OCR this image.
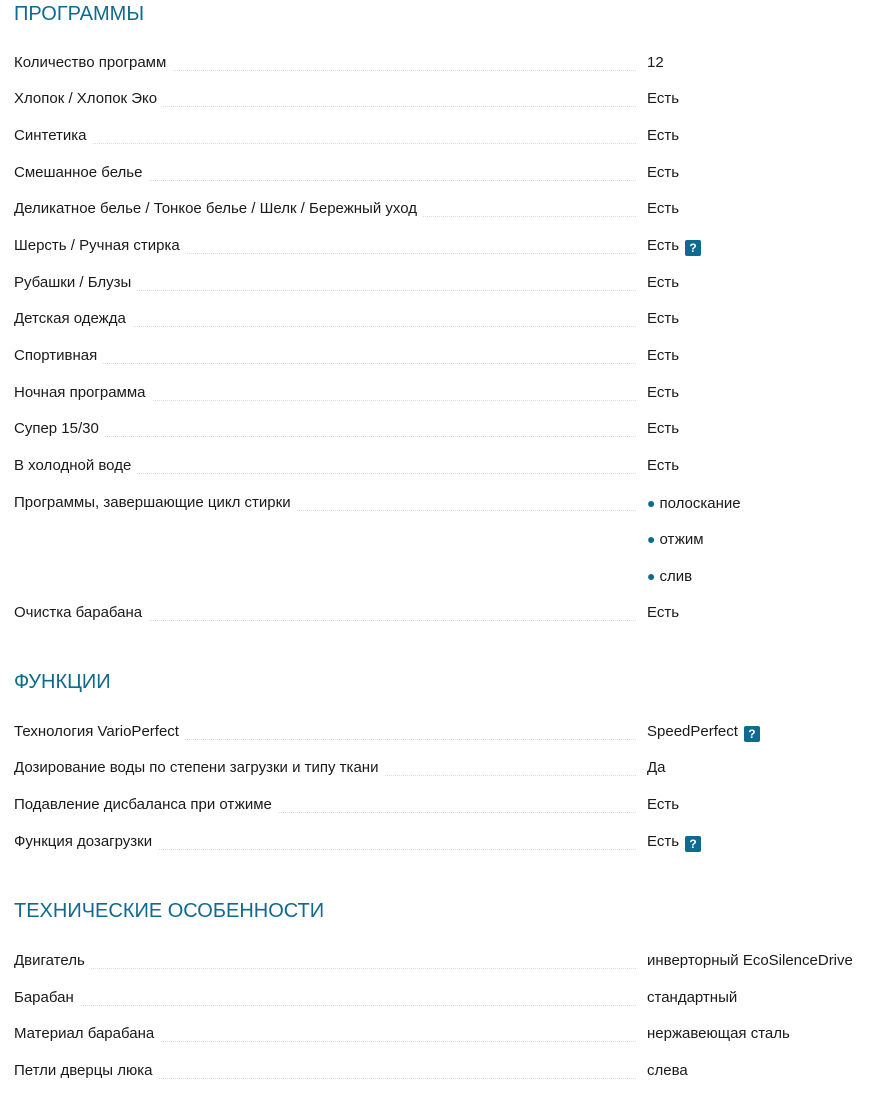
ПРОГРАММЫ
Количество программ	12
Хлопок / Хлопок Эко	Есть
Синтетика	Есть
Смешанное белье	Есть
Деликатное белье / Тонкое белье / Шелк / Бережный уход	Есть
Шерсть / Ручная стирка	Есть ?
Рубашки / Блузы	Есть
Детская одежда	Есть
Спортивная	Есть
Ночная программа	Есть
Супер 15/30	Есть
В холодной воде	Есть
Программы, завершающие цикл стирки	● полоскание
● отжим
● слив
Очистка барабана	Есть
ФУНКЦИИ
Технология VarioPerfect	SpeedPerfect ?
Дозирование воды по степени загрузки и типу ткани	Да
Подавление дисбаланса при отжиме	Есть
Функция дозагрузки	Есть ?
ТЕХНИЧЕСКИЕ ОСОБЕННОСТИ
Двигатель	инверторный EcoSilenceDrive
Барабан	стандартный
Материал барабана	нержавеющая сталь
Петли дверцы люка	слева
